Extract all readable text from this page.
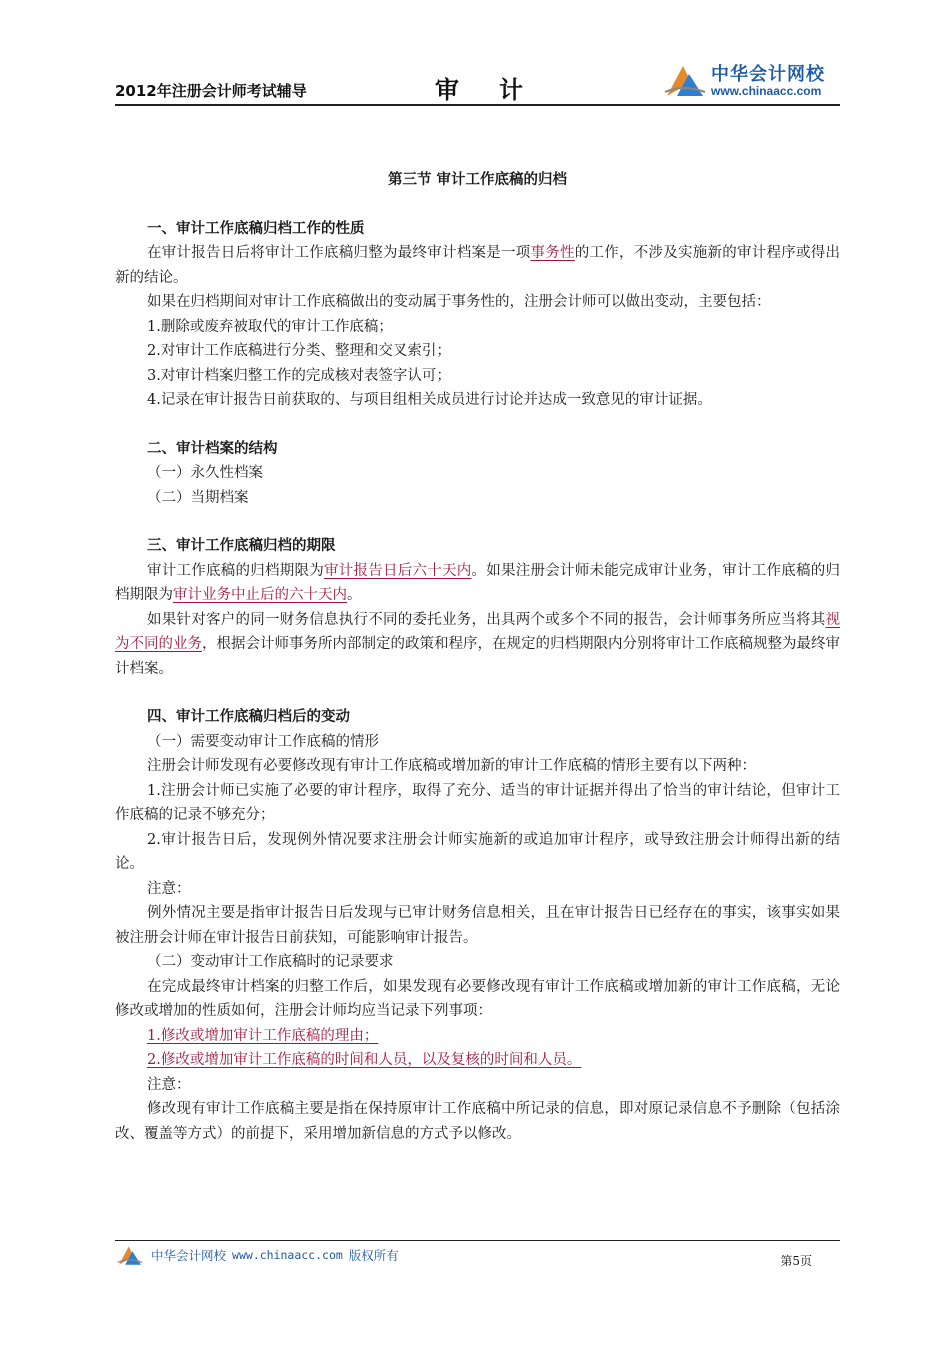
2012年注册会计师考试辅导	审计
中华会计网校
www.chinaacc.com
第三节 审计工作底稿的归档
一、审计工作底稿归档工作的性质

在审计报告日后将审计工作底稿归整为最终审计档案是一项事务性的工作，不涉及实施新的审计程序或得出新的结论。

如果在归档期间对审计工作底稿做出的变动属于事务性的，注册会计师可以做出变动，主要包括：

1.删除或废弃被取代的审计工作底稿；

2.对审计工作底稿进行分类、整理和交叉索引；

3.对审计档案归整工作的完成核对表签字认可；

4.记录在审计报告日前获取的、与项目组相关成员进行讨论并达成一致意见的审计证据。

二、审计档案的结构

（一）永久性档案

（二）当期档案

三、审计工作底稿归档的期限

审计工作底稿的归档期限为审计报告日后六十天内。如果注册会计师未能完成审计业务，审计工作底稿的归档期限为审计业务中止后的六十天内。

如果针对客户的同一财务信息执行不同的委托业务，出具两个或多个不同的报告，会计师事务所应当将其视为不同的业务，根据会计师事务所内部制定的政策和程序，在规定的归档期限内分别将审计工作底稿规整为最终审计档案。

四、审计工作底稿归档后的变动

（一）需要变动审计工作底稿的情形

注册会计师发现有必要修改现有审计工作底稿或增加新的审计工作底稿的情形主要有以下两种：

1.注册会计师已实施了必要的审计程序，取得了充分、适当的审计证据并得出了恰当的审计结论，但审计工作底稿的记录不够充分；

2.审计报告日后，发现例外情况要求注册会计师实施新的或追加审计程序，或导致注册会计师得出新的结论。

注意：

例外情况主要是指审计报告日后发现与已审计财务信息相关，且在审计报告日已经存在的事实，该事实如果被注册会计师在审计报告日前获知，可能影响审计报告。

（二）变动审计工作底稿时的记录要求

在完成最终审计档案的归整工作后，如果发现有必要修改现有审计工作底稿或增加新的审计工作底稿，无论修改或增加的性质如何，注册会计师均应当记录下列事项：

1.修改或增加审计工作底稿的理由；

2.修改或增加审计工作底稿的时间和人员，以及复核的时间和人员。

注意：

修改现有审计工作底稿主要是指在保持原审计工作底稿中所记录的信息，即对原记录信息不予删除（包括涂改、覆盖等方式）的前提下，采用增加新信息的方式予以修改。

中华会计网校 www.chinaacc.com 版权所有	第5页
